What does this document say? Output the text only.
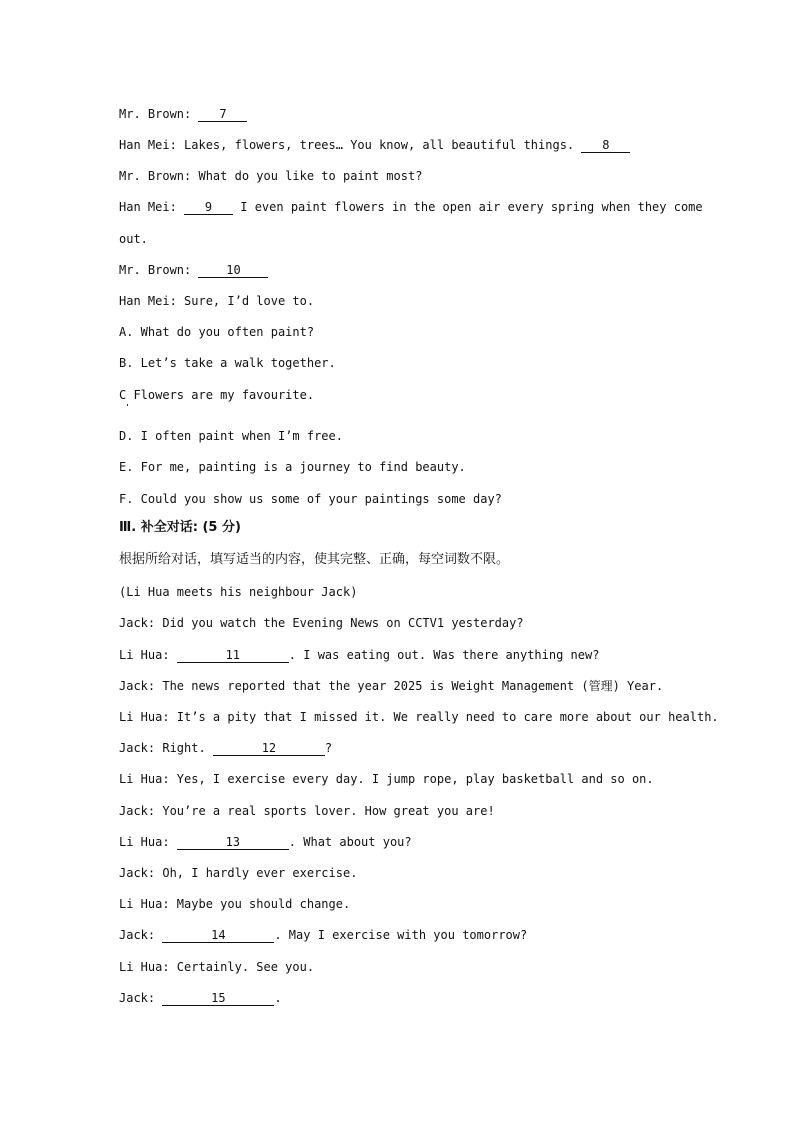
Mr. Brown: 7
Han Mei: Lakes, flowers, trees… You know, all beautiful things. 8
Mr. Brown: What do you like to paint most?
Han Mei: 9 I even paint flowers in the open air every spring when they come
out.
Mr. Brown: 10
Han Mei: Sure, I’d love to.
A. What do you often paint?
B. Let’s take a walk together.
C Flowers are my favourite.
D. I often paint when I’m free.
E. For me, painting is a journey to find beauty.
F. Could you show us some of your paintings some day?
Ⅲ. 补全对话: (5 分)
根据所给对话，填写适当的内容，使其完整、正确，每空词数不限。
(Li Hua meets his neighbour Jack)
Jack: Did you watch the Evening News on CCTV1 yesterday?
Li Hua:	11	. I was eating out. Was there anything new?
Jack: The news reported that the year 2025 is Weight Management (管理) Year.
Li Hua: It’s a pity that I missed it. We really need to care more about our health.
Jack: Right.	12	?
Li Hua: Yes, I exercise every day. I jump rope, play basketball and so on.
Jack: You’re a real sports lover. How great you are!
Li Hua:	13	. What about you?
Jack: Oh, I hardly ever exercise.
Li Hua: Maybe you should change.
Jack:	14	. May I exercise with you tomorrow?
Li Hua: Certainly. See you.
Jack:	15	.
